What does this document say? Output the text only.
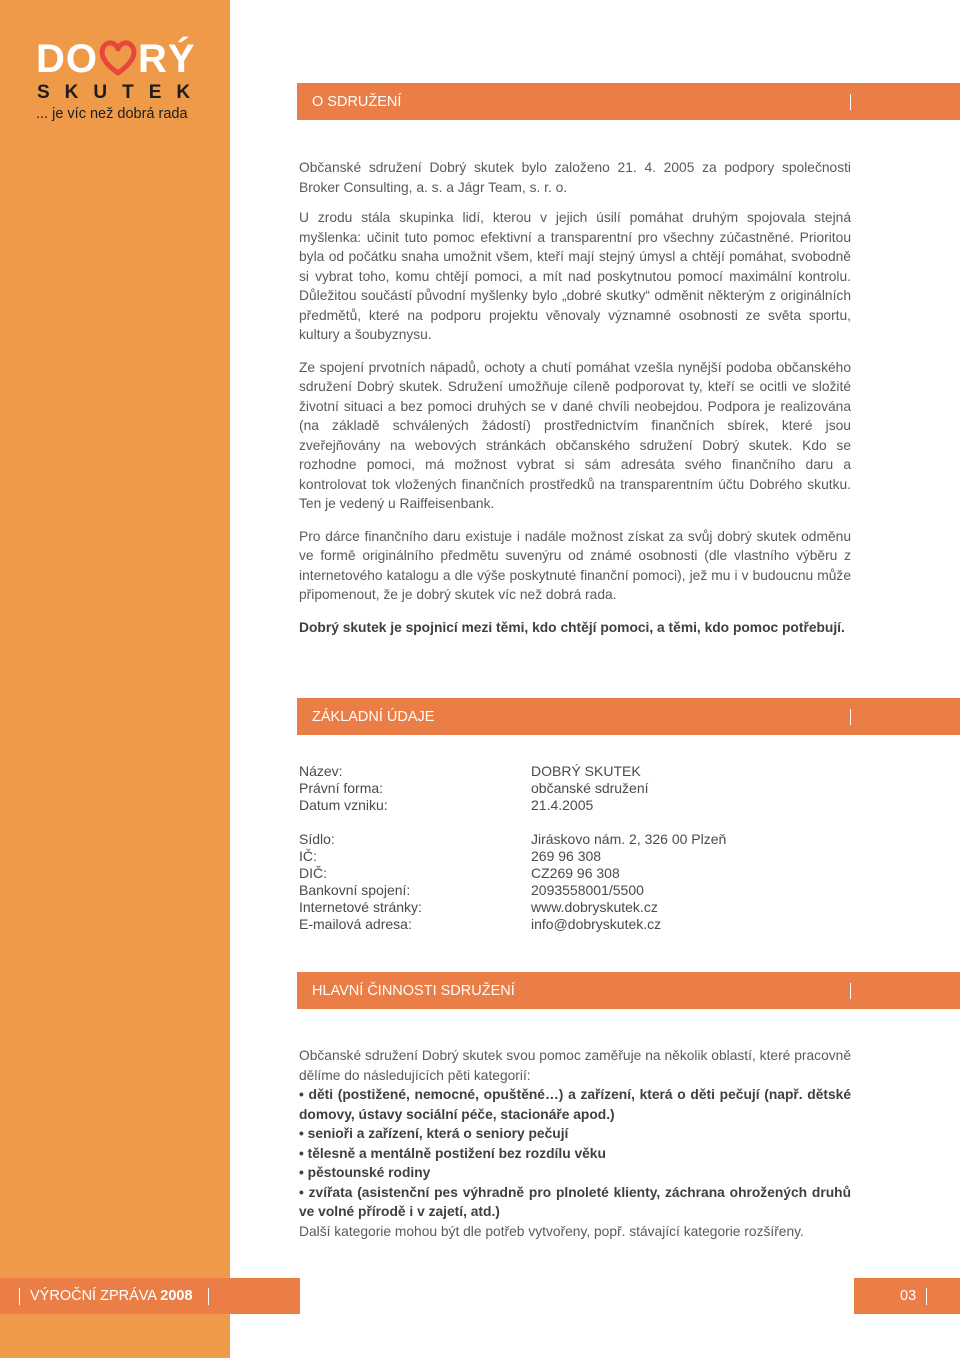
DO RÝ
SKUTEK
... je víc než dobrá rada
O SDRUŽENÍ

Občanské sdružení Dobrý skutek bylo založeno 21. 4. 2005 za podpory společnosti Broker Consulting, a. s. a Jágr Team, s. r. o.

U zrodu stála skupinka lidí, kterou v jejich úsilí pomáhat druhým spojovala stejná myšlenka: učinit tuto pomoc efektivní a transparentní pro všechny zúčastněné. Prioritou byla od počátku snaha umožnit všem, kteří mají stejný úmysl a chtějí pomáhat, svobodně si vybrat toho, komu chtějí pomoci, a mít nad poskytnutou pomocí maximální kontrolu. Důležitou součástí původní myšlenky bylo „dobré skutky“ odměnit některým z originálních předmětů, které na podporu projektu věnovaly významné osobnosti ze světa sportu, kultury a šoubyznysu.

Ze spojení prvotních nápadů, ochoty a chutí pomáhat vzešla nynější podoba občanského sdružení Dobrý skutek. Sdružení umožňuje cíleně podporovat ty, kteří se ocitli ve složité životní situaci a bez pomoci druhých se v dané chvíli neobejdou. Podpora je realizována (na základě schválených žádostí) prostřednictvím finančních sbírek, které jsou zveřejňovány na webových stránkách občanského sdružení Dobrý skutek. Kdo se rozhodne pomoci, má možnost vybrat si sám adresáta svého finančního daru a kontrolovat tok vložených finančních prostředků na transparentním účtu Dobrého skutku. Ten je vedený u Raiffeisenbank.

Pro dárce finančního daru existuje i nadále možnost získat za svůj dobrý skutek odměnu ve formě originálního předmětu suvenýru od známé osobnosti (dle vlastního výběru z internetového katalogu a dle výše poskytnuté finanční pomoci), jež mu i v budoucnu může připomenout, že je dobrý skutek víc než dobrá rada.

Dobrý skutek je spojnicí mezi těmi, kdo chtějí pomoci, a těmi, kdo pomoc potřebují.

ZÁKLADNÍ ÚDAJE
Název:	DOBRÝ SKUTEK
Právní forma:	občanské sdružení
Datum vzniku:	21.4.2005
Sídlo:	Jiráskovo nám. 2, 326 00 Plzeň
IČ:	269 96 308
DIČ:	CZ269 96 308
Bankovní spojení:	2093558001/5500
Internetové stránky:	www.dobryskutek.cz
E-mailová adresa:	info@dobryskutek.cz
HLAVNÍ ČINNOSTI SDRUŽENÍ

Občanské sdružení Dobrý skutek svou pomoc zaměřuje na několik oblastí, které pracovně dělíme do následujících pěti kategorií:

• děti (postižené, nemocné, opuštěné…) a zařízení, která o děti pečují (např. dětské domovy, ústavy sociální péče, stacionáře apod.)

• senioři a zařízení, která o seniory pečují

• tělesně a mentálně postižení bez rozdílu věku

• pěstounské rodiny

• zvířata (asistenční pes výhradně pro plnoleté klienty, záchrana ohrožených druhů ve volné přírodě i v zajetí, atd.)

Další kategorie mohou být dle potřeb vytvořeny, popř. stávající kategorie rozšířeny.

VÝROČNÍ ZPRÁVA 2008	03
